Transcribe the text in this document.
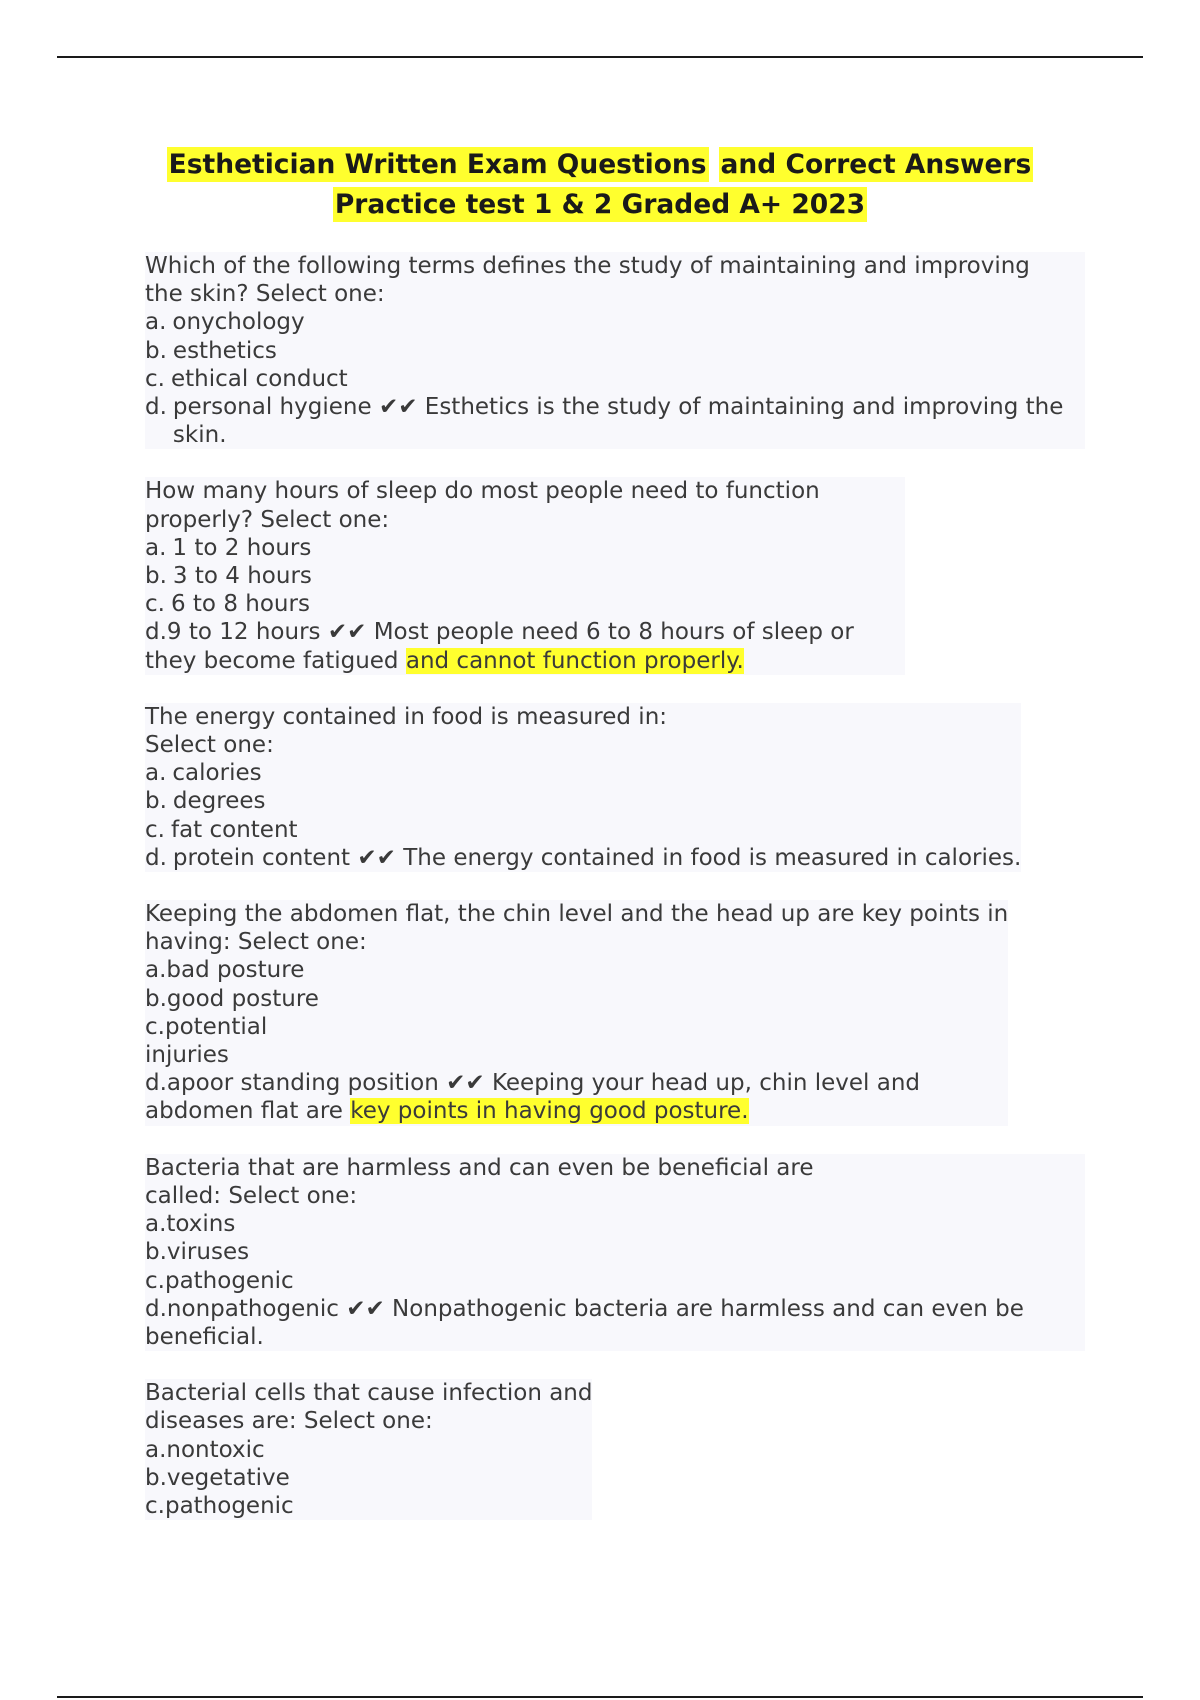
Esthetician Written Exam Questions and Correct Answers
Practice test 1 & 2 Graded A+ 2023
Which of the following terms defines the study of maintaining and improving
the skin? Select one:
a. onychology
b. esthetics
c. ethical conduct
d. personal hygiene ✔✔ Esthetics is the study of maintaining and improving the skin.
How many hours of sleep do most people need to function
properly? Select one:
a. 1 to 2 hours
b. 3 to 4 hours
c. 6 to 8 hours
d.9 to 12 hours ✔✔ Most people need 6 to 8 hours of sleep or they become fatigued and cannot function properly.
The energy contained in food is measured in:
Select one:
a. calories
b. degrees
c. fat content
d. protein content ✔✔ The energy contained in food is measured in calories.
Keeping the abdomen flat, the chin level and the head up are key points in
having: Select one:
a.bad posture
b.good posture
c.potential injuries
d.apoor standing position ✔✔ Keeping your head up, chin level and abdomen flat are key points in having good posture.
Bacteria that are harmless and can even be beneficial are
called: Select one:
a.toxins
b.viruses
c.pathogenic
d.nonpathogenic ✔✔ Nonpathogenic bacteria are harmless and can even be beneficial.
Bacterial cells that cause infection and
diseases are: Select one:
a.nontoxic
b.vegetative
c.pathogenic
